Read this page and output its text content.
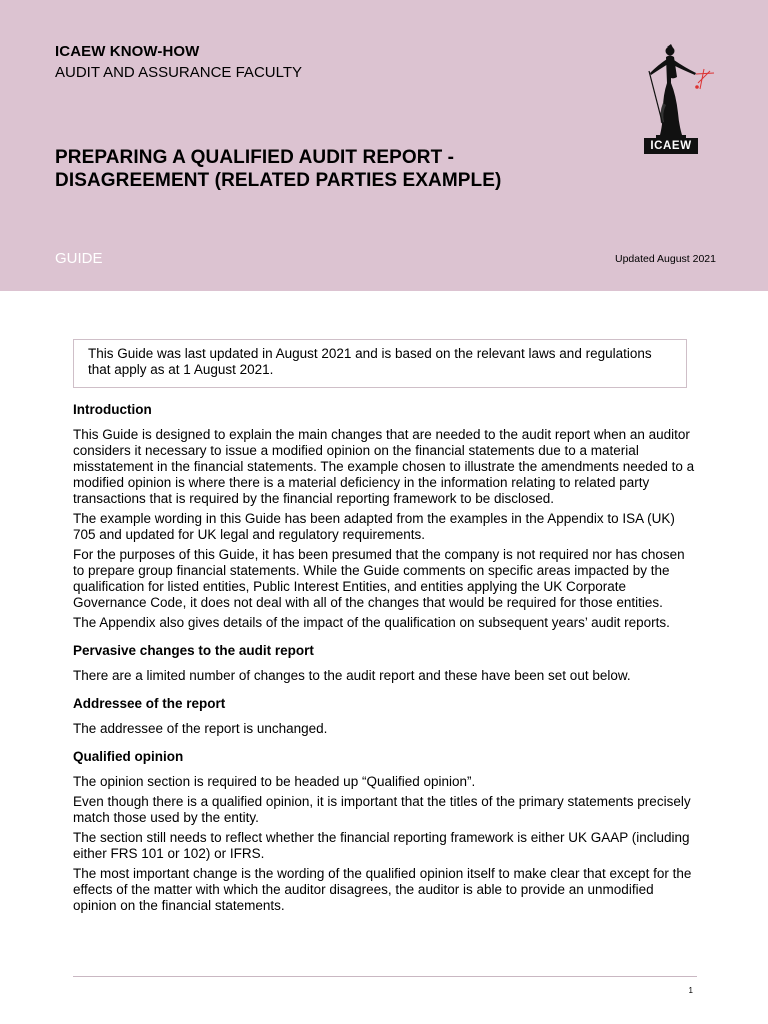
ICAEW KNOW-HOW
AUDIT AND ASSURANCE FACULTY
PREPARING A QUALIFIED AUDIT REPORT -
DISAGREEMENT (RELATED PARTIES EXAMPLE)
GUIDE	Updated August 2021
ICAEW
This Guide was last updated in August 2021 and is based on the relevant laws and regulations that apply as at 1 August 2021.
Introduction

This Guide is designed to explain the main changes that are needed to the audit report when an auditor considers it necessary to issue a modified opinion on the financial statements due to a material misstatement in the financial statements. The example chosen to illustrate the amendments needed to a modified opinion is where there is a material deficiency in the information relating to related party transactions that is required by the financial reporting framework to be disclosed.

The example wording in this Guide has been adapted from the examples in the Appendix to ISA (UK) 705 and updated for UK legal and regulatory requirements.

For the purposes of this Guide, it has been presumed that the company is not required nor has chosen to prepare group financial statements. While the Guide comments on specific areas impacted by the qualification for listed entities, Public Interest Entities, and entities applying the UK Corporate Governance Code, it does not deal with all of the changes that would be required for those entities.

The Appendix also gives details of the impact of the qualification on subsequent years’ audit reports.

Pervasive changes to the audit report

There are a limited number of changes to the audit report and these have been set out below.

Addressee of the report

The addressee of the report is unchanged.

Qualified opinion

The opinion section is required to be headed up “Qualified opinion”.

Even though there is a qualified opinion, it is important that the titles of the primary statements precisely match those used by the entity.

The section still needs to reflect whether the financial reporting framework is either UK GAAP (including either FRS 101 or 102) or IFRS.

The most important change is the wording of the qualified opinion itself to make clear that except for the effects of the matter with which the auditor disagrees, the auditor is able to provide an unmodified opinion on the financial statements.

1
